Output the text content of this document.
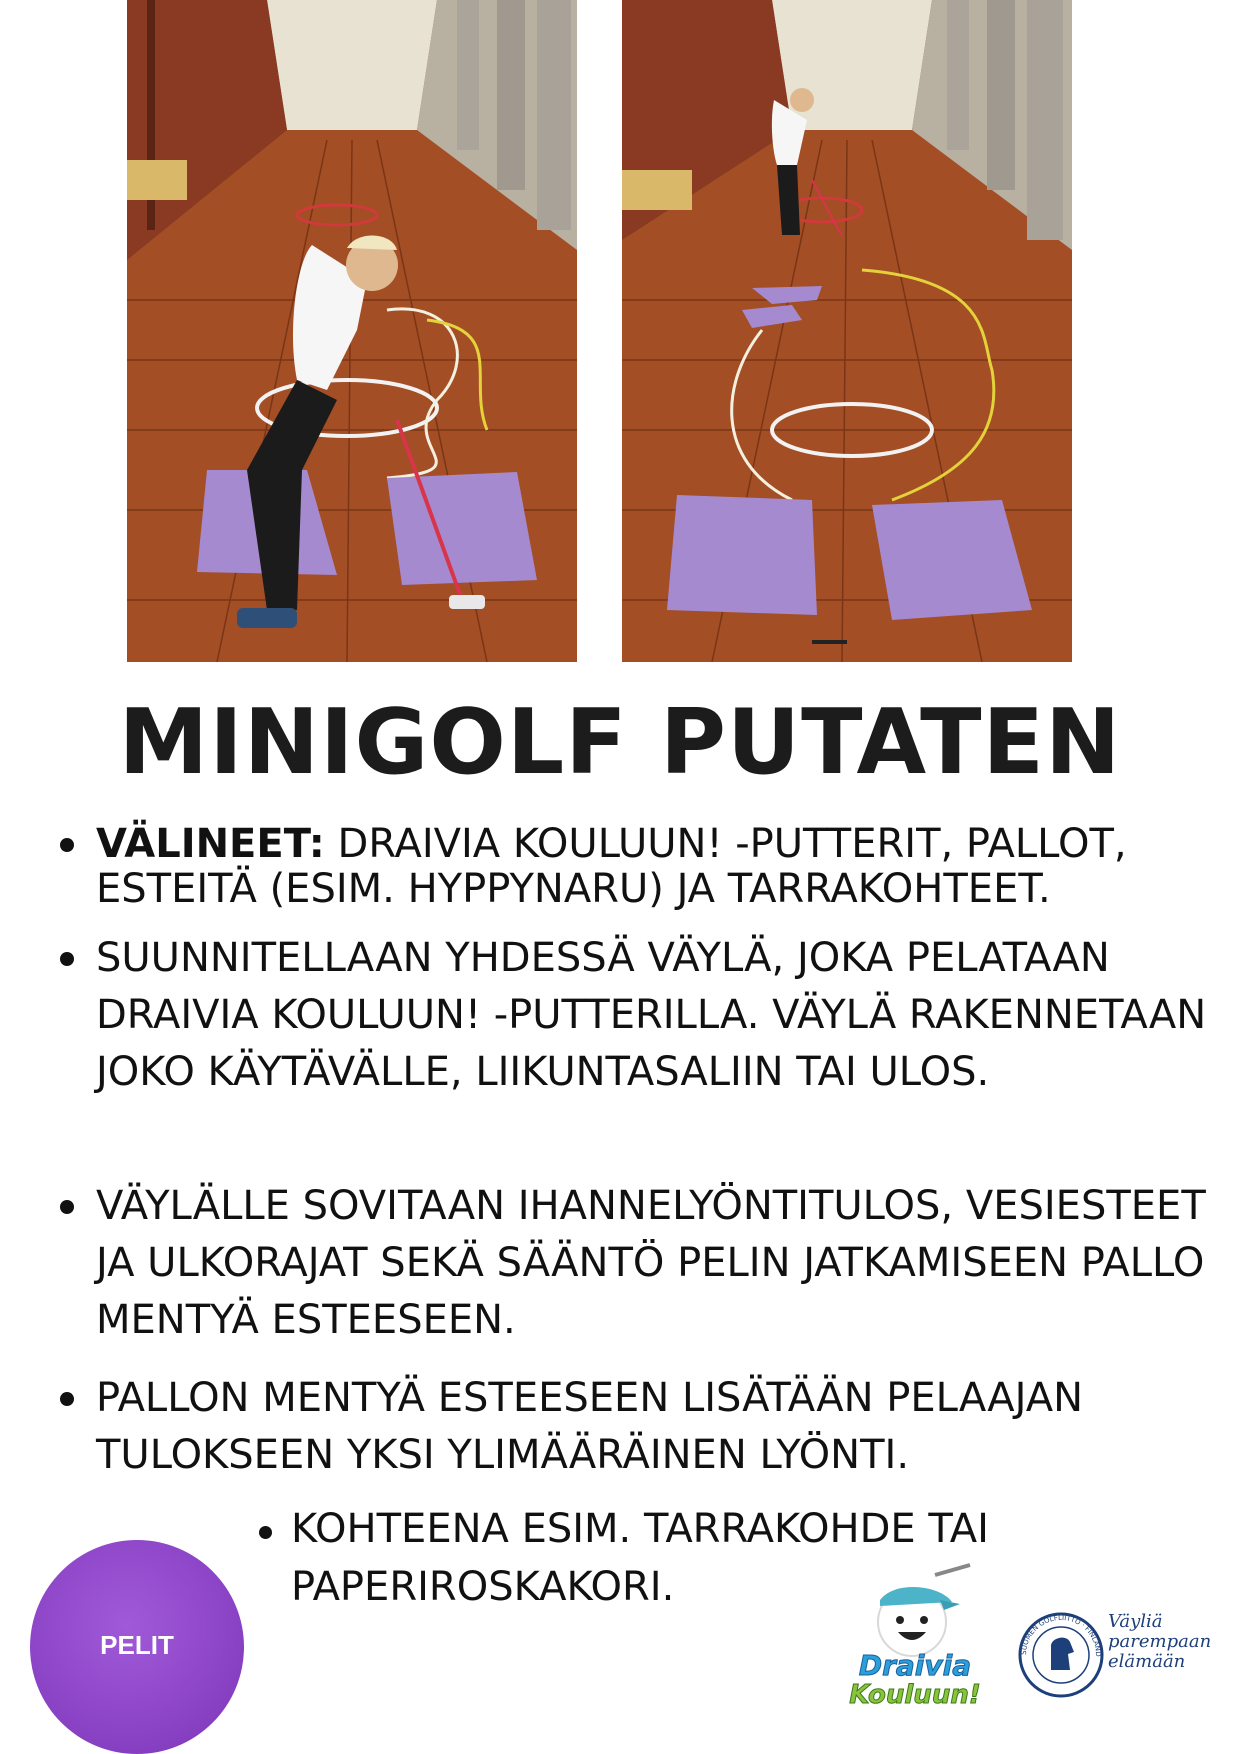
MINIGOLF PUTATEN
VÄLINEET: DRAIVIA KOULUUN! -PUTTERIT, PALLOT, ESTEITÄ (ESIM. HYPPYNARU) JA TARRAKOHTEET.
SUUNNITELLAAN YHDESSÄ VÄYLÄ, JOKA PELATAAN DRAIVIA KOULUUN! -PUTTERILLA. VÄYLÄ RAKENNETAAN JOKO KÄYTÄVÄLLE, LIIKUNTASALIIN TAI ULOS.
VÄYLÄLLE SOVITAAN IHANNELYÖNTITULOS, VESIESTEET JA ULKORAJAT SEKÄ SÄÄNTÖ PELIN JATKAMISEEN PALLO MENTYÄ ESTEESEEN.
PALLON MENTYÄ ESTEESEEN LISÄTÄÄN PELAAJAN TULOKSEEN YKSI YLIMÄÄRÄINEN LYÖNTI.
KOHTEENA ESIM. TARRAKOHDE TAI PAPERIROSKAKORI.
PELIT
Draivia
Kouluun!
SUOMEN GOLFLIITTO · FINLAND
Väyliä
parempaan
elämään
